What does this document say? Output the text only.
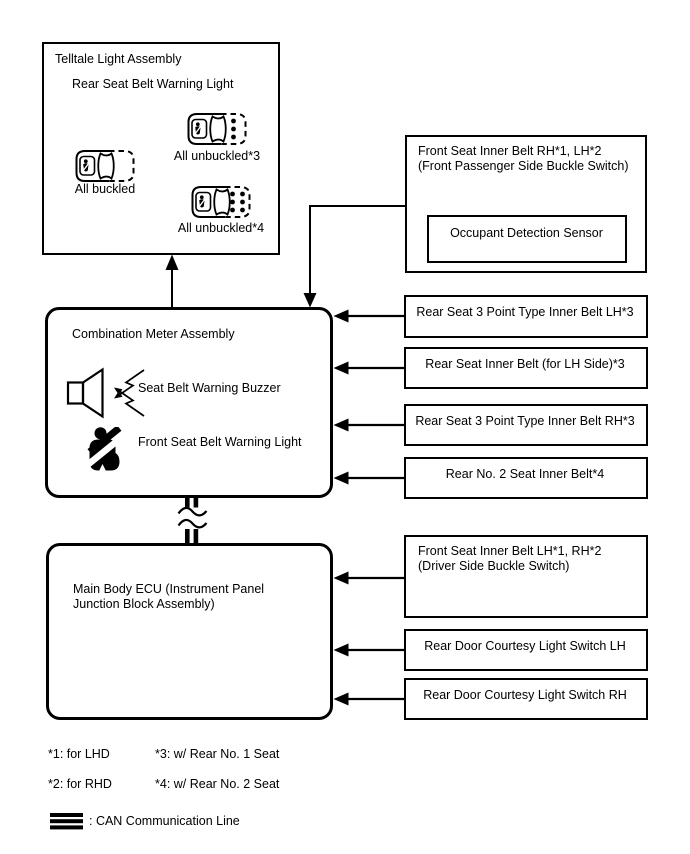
Telltale Light Assembly
Rear Seat Belt Warning Light
All buckled
All unbuckled*3
All unbuckled*4
Front Seat Inner Belt RH*1, LH*2
(Front Passenger Side Buckle Switch)
Occupant Detection Sensor
Combination Meter Assembly
Seat Belt Warning Buzzer
Front Seat Belt Warning Light
Main Body ECU (Instrument Panel
Junction Block Assembly)
Rear Seat 3 Point Type Inner Belt LH*3
Rear Seat Inner Belt (for LH Side)*3
Rear Seat 3 Point Type Inner Belt RH*3
Rear No. 2 Seat Inner Belt*4
Front Seat Inner Belt LH*1, RH*2
(Driver Side Buckle Switch)
Rear Door Courtesy Light Switch LH
Rear Door Courtesy Light Switch RH
*1: for LHD	*3: w/ Rear No. 1 Seat
*2: for RHD	*4: w/ Rear No. 2 Seat
: CAN Communication Line
